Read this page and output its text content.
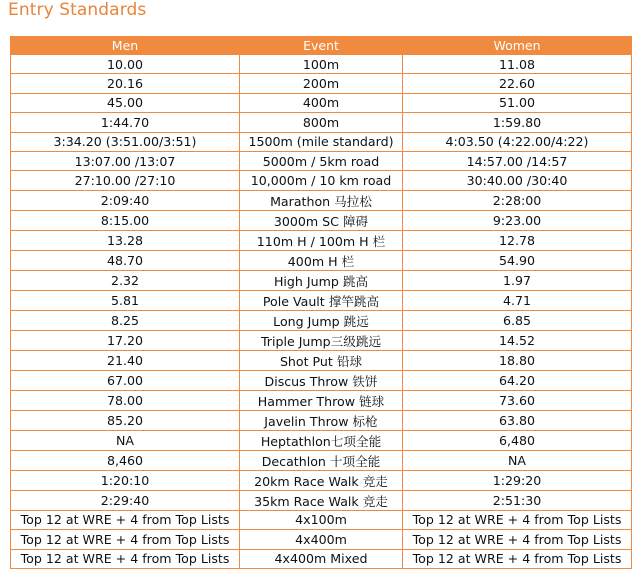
Entry Standards
Men	Event	Women
10.00	100m	11.08
20.16	200m	22.60
45.00	400m	51.00
1:44.70	800m	1:59.80
3:34.20 (3:51.00/3:51)	1500m (mile standard)	4:03.50 (4:22.00/4:22)
13:07.00 /13:07	5000m / 5km road	14:57.00 /14:57
27:10.00 /27:10	10,000m / 10 km road	30:40.00 /30:40
2:09:40	Marathon 马拉松	2:28:00
8:15.00	3000m SC 障碍	9:23.00
13.28	110m H / 100m H 栏	12.78
48.70	400m H 栏	54.90
2.32	High Jump 跳高	1.97
5.81	Pole Vault 撑竿跳高	4.71
8.25	Long Jump 跳远	6.85
17.20	Triple Jump三级跳远	14.52
21.40	Shot Put 铅球	18.80
67.00	Discus Throw 铁饼	64.20
78.00	Hammer Throw 链球	73.60
85.20	Javelin Throw 标枪	63.80
NA	Heptathlon七项全能	6,480
8,460	Decathlon 十项全能	NA
1:20:10	20km Race Walk 竞走	1:29:20
2:29:40	35km Race Walk 竞走	2:51:30
Top 12 at WRE + 4 from Top Lists	4x100m	Top 12 at WRE + 4 from Top Lists
Top 12 at WRE + 4 from Top Lists	4x400m	Top 12 at WRE + 4 from Top Lists
Top 12 at WRE + 4 from Top Lists	4x400m Mixed	Top 12 at WRE + 4 from Top Lists
